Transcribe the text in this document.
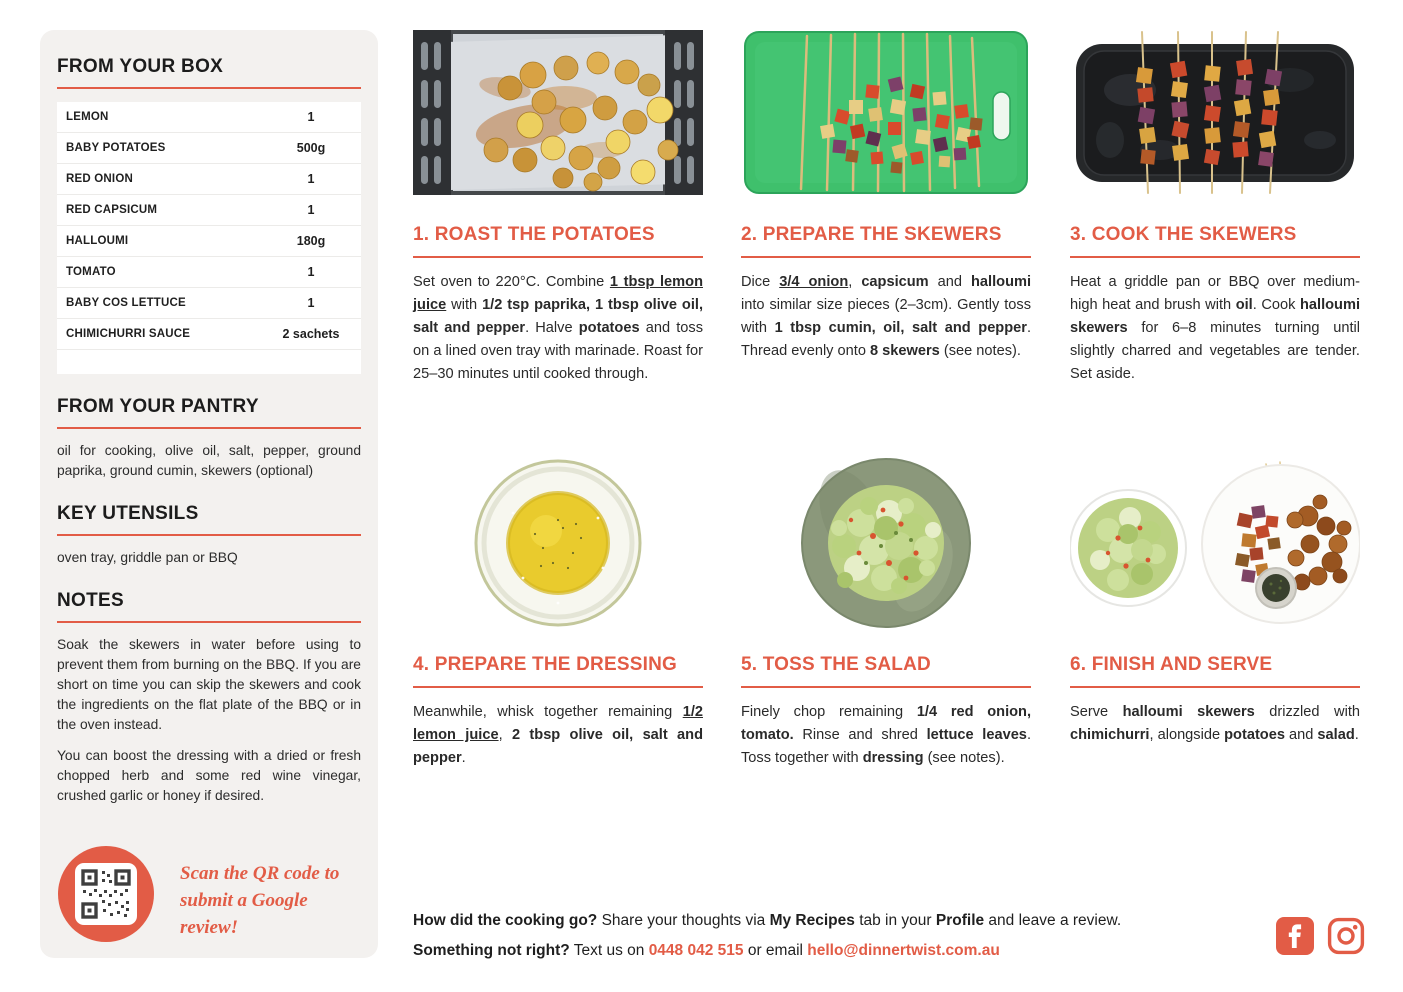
FROM YOUR BOX
LEMON	1
BABY POTATOES	500g
RED ONION	1
RED CAPSICUM	1
HALLOUMI	180g
TOMATO	1
BABY COS LETTUCE	1
CHIMICHURRI SAUCE	2 sachets
FROM YOUR PANTRY

oil for cooking, olive oil, salt, pepper, ground paprika, ground cumin, skewers (optional)

KEY UTENSILS

oven tray, griddle pan or BBQ

NOTES

Soak the skewers in water before using to prevent them from burning on the BBQ. If you are short on time you can skip the skewers and cook the ingredients on the flat plate of the BBQ or in the oven instead.

You can boost the dressing with a dried or fresh chopped herb and some red wine vinegar, crushed garlic or honey if desired.

Scan the QR code to
submit a Google review!
1. ROAST THE POTATOES

Set oven to 220°C. Combine 1 tbsp lemon juice with 1/2 tsp paprika, 1 tbsp olive oil, salt and pepper. Halve potatoes and toss on a lined oven tray with marinade. Roast for 25–30 minutes until cooked through.

2. PREPARE THE SKEWERS

Dice 3/4 onion, capsicum and halloumi into similar size pieces (2–3cm). Gently toss with 1 tbsp cumin, oil, salt and pepper. Thread evenly onto 8 skewers (see notes).

3. COOK THE SKEWERS

Heat a griddle pan or BBQ over medium-high heat and brush with oil. Cook halloumi skewers for 6–8 minutes turning until slightly charred and vegetables are tender. Set aside.

4. PREPARE THE DRESSING

Meanwhile, whisk together remaining 1/2 lemon juice, 2 tbsp olive oil, salt and pepper.

5. TOSS THE SALAD

Finely chop remaining 1/4 red onion, tomato. Rinse and shred lettuce leaves. Toss together with dressing (see notes).

6. FINISH AND SERVE

Serve halloumi skewers drizzled with chimichurri, alongside potatoes and salad.

How did the cooking go? Share your thoughts via My Recipes tab in your Profile and leave a review.

Something not right? Text us on 0448 042 515 or email hello@dinnertwist.com.au
